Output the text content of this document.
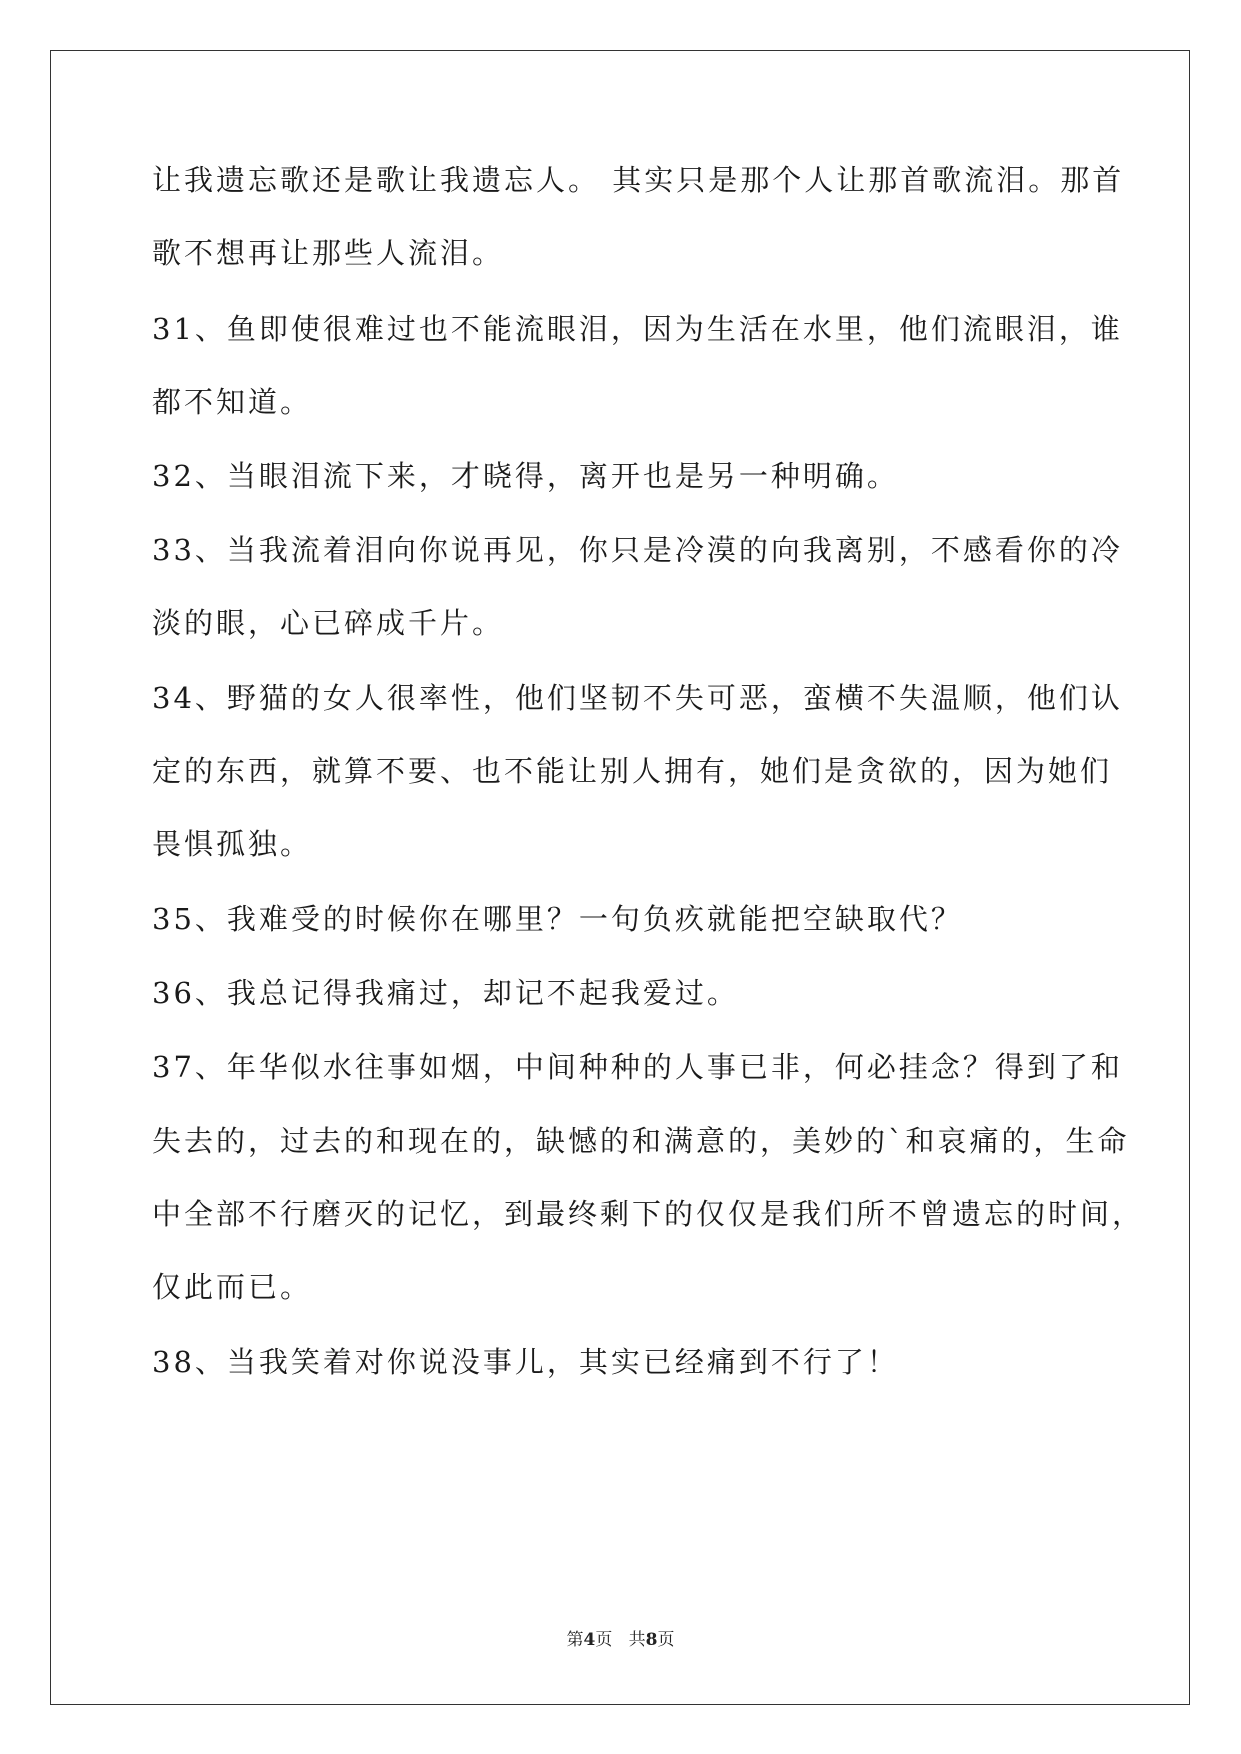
让我遗忘歌还是歌让我遗忘人。 其实只是那个人让那首歌流泪。那首
歌不想再让那些人流泪。
31、鱼即使很难过也不能流眼泪，因为生活在水里，他们流眼泪，谁
都不知道。
32、当眼泪流下来，才晓得，离开也是另一种明确。
33、当我流着泪向你说再见，你只是冷漠的向我离别，不感看你的冷
淡的眼，心已碎成千片。
34、野猫的女人很率性，他们坚韧不失可恶，蛮横不失温顺，他们认
定的东西，就算不要、也不能让别人拥有，她们是贪欲的，因为她们
畏惧孤独。
35、我难受的时候你在哪里？一句负疚就能把空缺取代？
36、我总记得我痛过，却记不起我爱过。
37、年华似水往事如烟，中间种种的人事已非，何必挂念？得到了和
失去的，过去的和现在的，缺憾的和满意的，美妙的`和哀痛的，生命
中全部不行磨灭的记忆，到最终剩下的仅仅是我们所不曾遗忘的时间，
仅此而已。
38、当我笑着对你说没事儿，其实已经痛到不行了！
第4页 共8页
